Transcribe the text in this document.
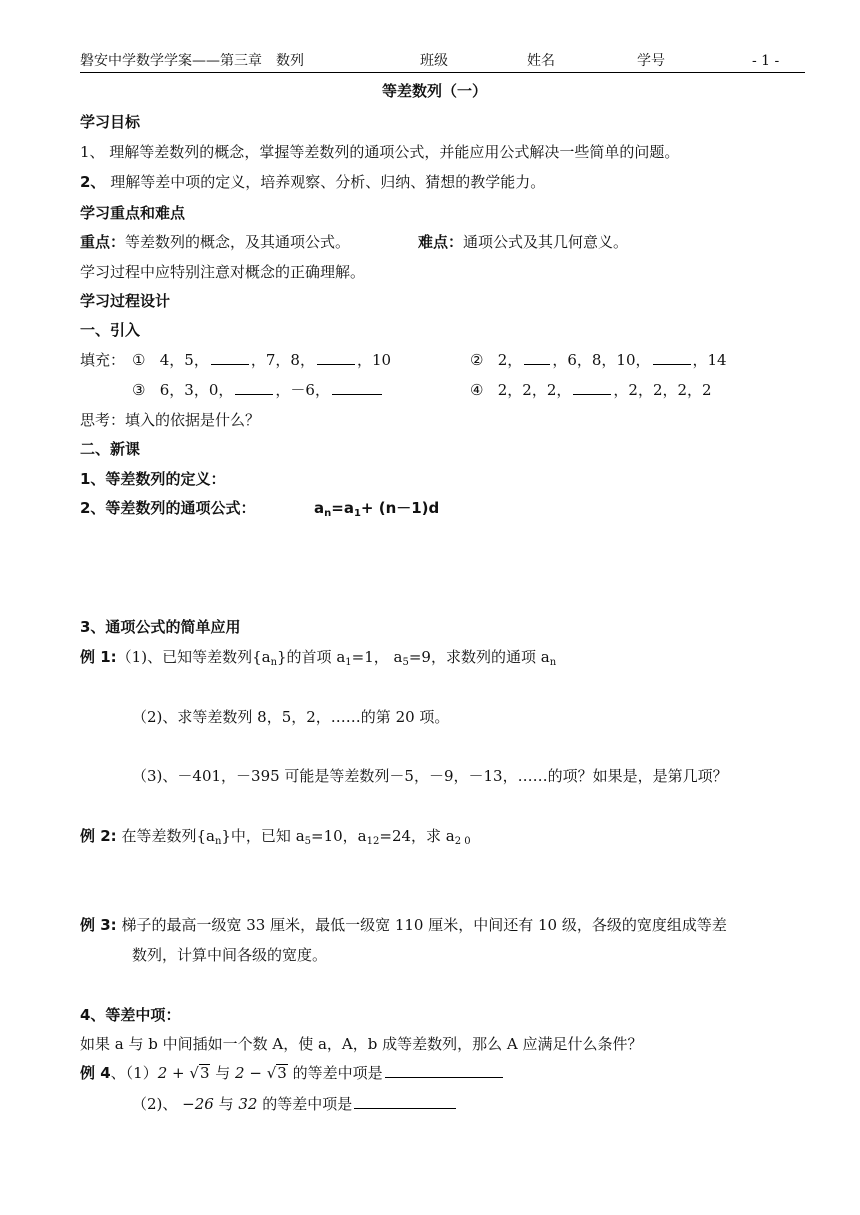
磐安中学数学学案——第三章　数列	班级	姓名	学号	- 1 -
等差数列（一）
学习目标
1、 理解等差数列的概念，掌握等差数列的通项公式，并能应用公式解决一些简单的问题。
2、 理解等差中项的定义，培养观察、分析、归纳、猜想的教学能力。
学习重点和难点
重点：等差数列的概念，及其通项公式。	难点：通项公式及其几何意义。
学习过程中应特别注意对概念的正确理解。
学习过程设计
一、引入
填充： ① 4，5，	，7，8，	，10	② 2， ，6，8，10，	，14
③ 6，3，0，	，－6，	④ 2，2，2，	，2，2，2，2
思考：填入的依据是什么？
二、新课
1、等差数列的定义：
2、等差数列的通项公式：	$a_n=a_1+ (n-1)d$
3、通项公式的简单应用
例 1:（1)、已知等差数列$\{a_n\}$的首项 $a_1=1$， $a_5=9$，求数列的通项 $a_n$
（2)、求等差数列 8，5，2，……的第 20 项。
（3)、－401，－395 可能是等差数列－5，－9，－13，……的项？如果是，是第几项？
例 2: 在等差数列$\{a_n\}$中，已知 $a_5=10$，$a_{12}=24$，求 $a_{2 0}$
例 3: 梯子的最高一级宽 33 厘米，最低一级宽 110 厘米，中间还有 10 级，各级的宽度组成等差
数列，计算中间各级的宽度。
4、等差中项：
如果 a 与 b 中间插如一个数 A，使 a，A，b 成等差数列，那么 A 应满足什么条件？
例 4、（1）2 + √3 与 2 − √3 的等差中项是
（2)、 −26 与 32 的等差中项是
